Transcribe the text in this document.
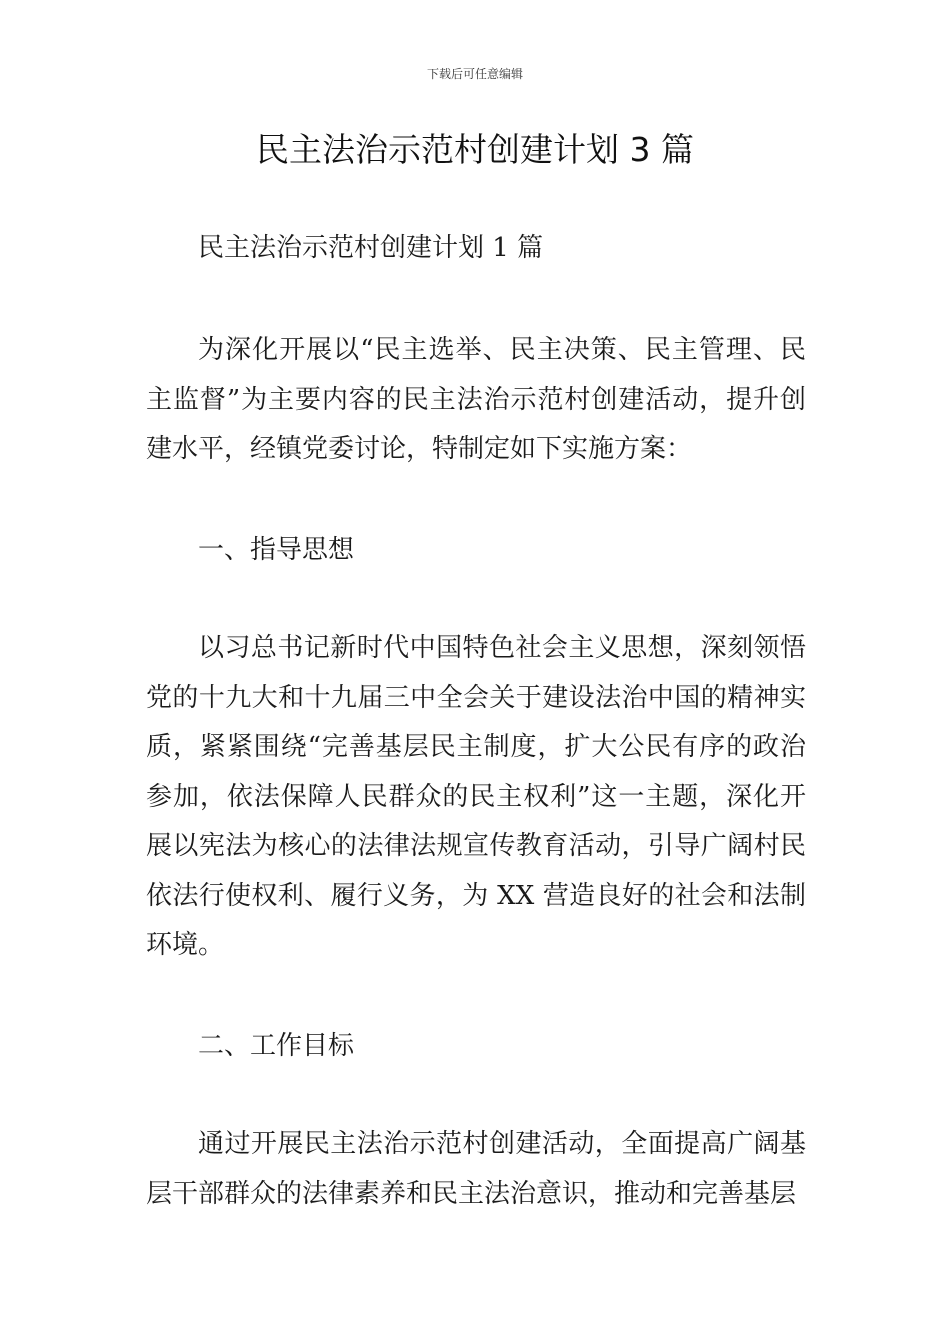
下载后可任意编辑
民主法治示范村创建计划 3 篇

民主法治示范村创建计划 1 篇

为深化开展以“民主选举、民主决策、民主管理、民主监督”为主要内容的民主法治示范村创建活动，提升创建水平，经镇党委讨论，特制定如下实施方案：

一、指导思想

以习总书记新时代中国特色社会主义思想，深刻领悟党的十九大和十九届三中全会关于建设法治中国的精神实质，紧紧围绕“完善基层民主制度，扩大公民有序的政治参加，依法保障人民群众的民主权利”这一主题，深化开展以宪法为核心的法律法规宣传教育活动，引导广阔村民依法行使权利、履行义务，为 XX 营造良好的社会和法制环境。

二、工作目标

通过开展民主法治示范村创建活动，全面提高广阔基层干部群众的法律素养和民主法治意识，推动和完善基层
